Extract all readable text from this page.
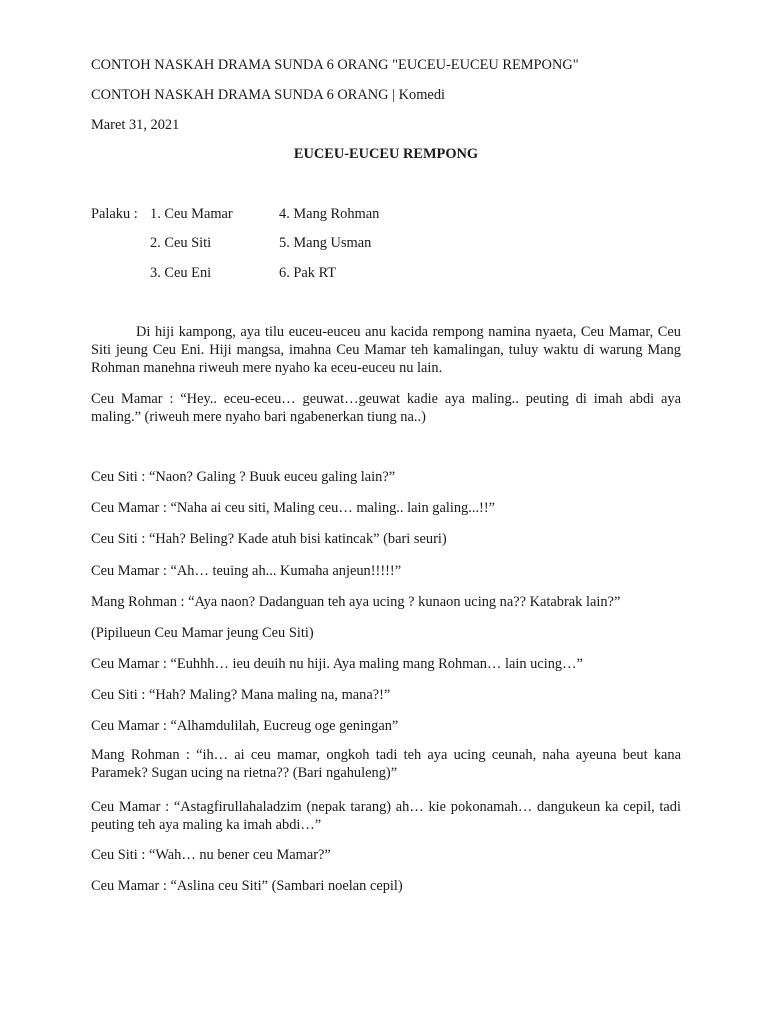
CONTOH NASKAH DRAMA SUNDA 6 ORANG "EUCEU-EUCEU REMPONG"
CONTOH NASKAH DRAMA SUNDA 6 ORANG | Komedi
Maret 31, 2021
EUCEU-EUCEU REMPONG
Palaku : 1. Ceu Mamar
2. Ceu Siti
3. Ceu Eni
4. Mang Rohman
5. Mang Usman
6. Pak RT
Di hiji kampong, aya tilu euceu-euceu anu kacida rempong namina nyaeta, Ceu Mamar, Ceu Siti jeung Ceu Eni. Hiji mangsa, imahna Ceu Mamar teh kamalingan, tuluy waktu di warung Mang Rohman manehna riweuh mere nyaho ka eceu-euceu nu lain.
Ceu Mamar : “Hey.. eceu-eceu… geuwat…geuwat kadie aya maling.. peuting di imah abdi aya maling.” (riweuh mere nyaho bari ngabenerkan tiung na..)
Ceu Siti : “Naon? Galing ? Buuk euceu galing lain?”
Ceu Mamar : “Naha ai ceu siti, Maling ceu… maling.. lain galing...!!”
Ceu Siti : “Hah? Beling? Kade atuh bisi katincak” (bari seuri)
Ceu Mamar : “Ah… teuing ah... Kumaha anjeun!!!!!”
Mang Rohman : “Aya naon? Dadanguan teh aya ucing ? kunaon ucing na?? Katabrak lain?”
(Pipilueun Ceu Mamar jeung Ceu Siti)
Ceu Mamar : “Euhhh… ieu deuih nu hiji. Aya maling mang Rohman… lain ucing…”
Ceu Siti : “Hah? Maling? Mana maling na, mana?!”
Ceu Mamar : “Alhamdulilah, Eucreug oge geningan”
Mang Rohman : “ih… ai ceu mamar, ongkoh tadi teh aya ucing ceunah, naha ayeuna beut kana Paramek? Sugan ucing na rietna?? (Bari ngahuleng)”
Ceu Mamar : “Astagfirullahaladzim (nepak tarang) ah… kie pokonamah… dangukeun ka cepil, tadi peuting teh aya maling ka imah abdi…”
Ceu Siti : “Wah… nu bener ceu Mamar?”
Ceu Mamar : “Aslina ceu Siti” (Sambari noelan cepil)
